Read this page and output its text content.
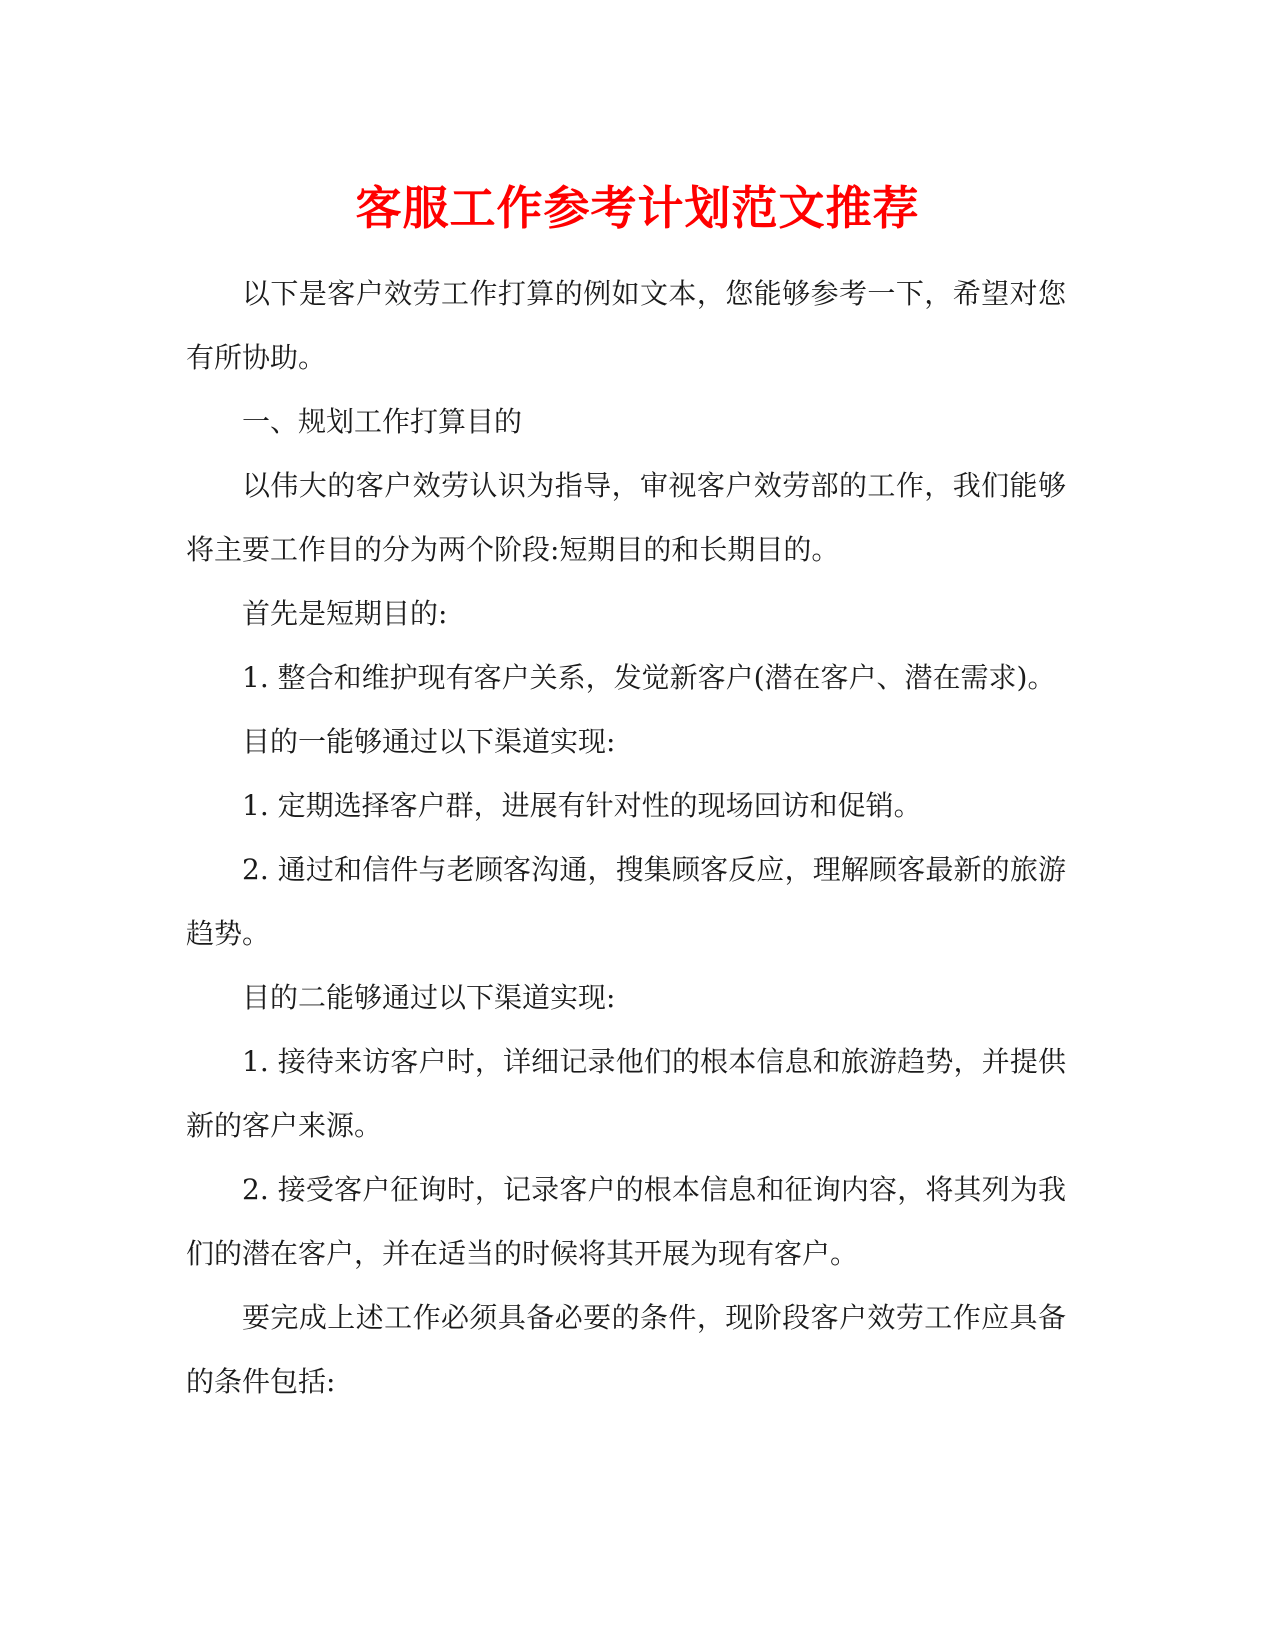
客服工作参考计划范文推荐

以下是客户效劳工作打算的例如文本，您能够参考一下，希望对您有所协助。

一、规划工作打算目的

以伟大的客户效劳认识为指导，审视客户效劳部的工作，我们能够将主要工作目的分为两个阶段:短期目的和长期目的。

首先是短期目的:

1. 整合和维护现有客户关系，发觉新客户(潜在客户、潜在需求)。

目的一能够通过以下渠道实现:

1. 定期选择客户群，进展有针对性的现场回访和促销。

2. 通过和信件与老顾客沟通，搜集顾客反应，理解顾客最新的旅游趋势。

目的二能够通过以下渠道实现:

1. 接待来访客户时，详细记录他们的根本信息和旅游趋势，并提供新的客户来源。

2. 接受客户征询时，记录客户的根本信息和征询内容，将其列为我们的潜在客户，并在适当的时候将其开展为现有客户。

要完成上述工作必须具备必要的条件，现阶段客户效劳工作应具备的条件包括:
